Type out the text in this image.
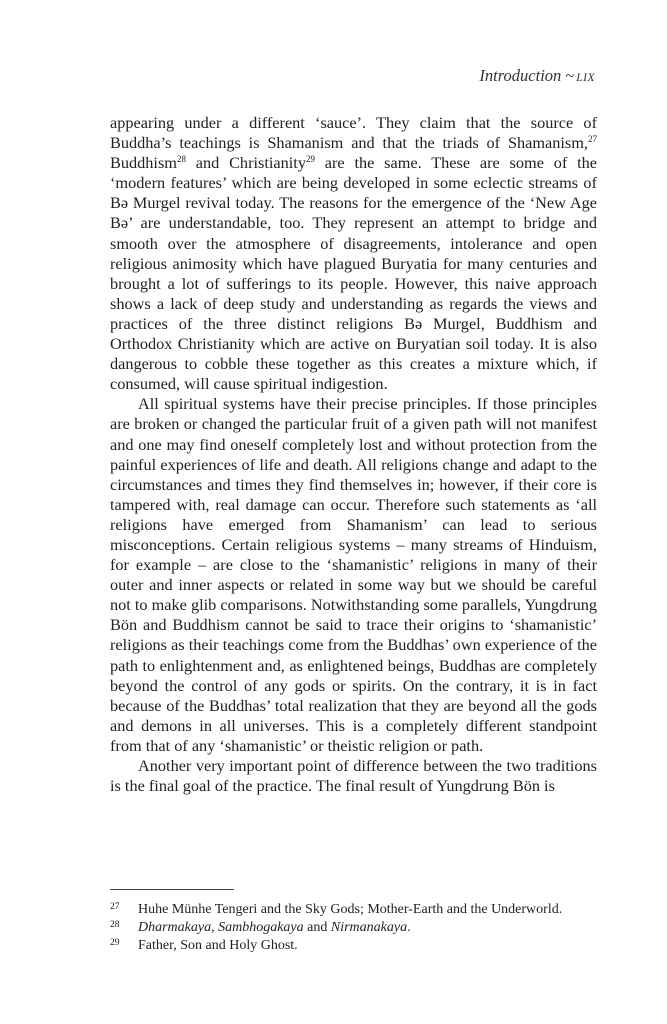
Introduction ~ LIX

appearing under a different ‘sauce’. They claim that the source of Buddha’s teachings is Shamanism and that the triads of Shamanism,$^{27}$ Buddhism$^{28}$ and Christianity$^{29}$ are the same. These are some of the ‘modern features’ which are being developed in some eclectic streams of Bə Murgel revival today. The reasons for the emergence of the ‘New Age Bə’ are understandable, too. They represent an attempt to bridge and smooth over the atmosphere of disagreements, intolerance and open religious animosity which have plagued Buryatia for many centuries and brought a lot of sufferings to its people. However, this naive approach shows a lack of deep study and understanding as regards the views and practices of the three distinct religions Bə Murgel, Buddhism and Orthodox Christianity which are active on Buryatian soil today. It is also dangerous to cobble these together as this creates a mixture which, if consumed, will cause spiritual indigestion.

All spiritual systems have their precise principles. If those principles are broken or changed the particular fruit of a given path will not manifest and one may find oneself completely lost and without protection from the painful experiences of life and death. All religions change and adapt to the circumstances and times they find themselves in; however, if their core is tampered with, real damage can occur. Therefore such statements as ‘all religions have emerged from Shamanism’ can lead to serious misconceptions. Certain religious systems – many streams of Hinduism, for example – are close to the ‘shamanistic’ religions in many of their outer and inner aspects or related in some way but we should be careful not to make glib comparisons. Notwithstanding some parallels, Yungdrung Bön and Buddhism cannot be said to trace their origins to ‘shamanistic’ religions as their teachings come from the Buddhas’ own experience of the path to enlightenment and, as enlightened beings, Buddhas are completely beyond the control of any gods or spirits. On the contrary, it is in fact because of the Buddhas’ total realization that they are beyond all the gods and demons in all universes. This is a completely different standpoint from that of any ‘shamanistic’ or theistic religion or path.

Another very important point of difference between the two traditions is the final goal of the practice. The final result of Yungdrung Bön is

27	Huhe Münhe Tengeri and the Sky Gods; Mother-Earth and the Underworld.
28	Dharmakaya, Sambhogakaya and Nirmanakaya.
29	Father, Son and Holy Ghost.
